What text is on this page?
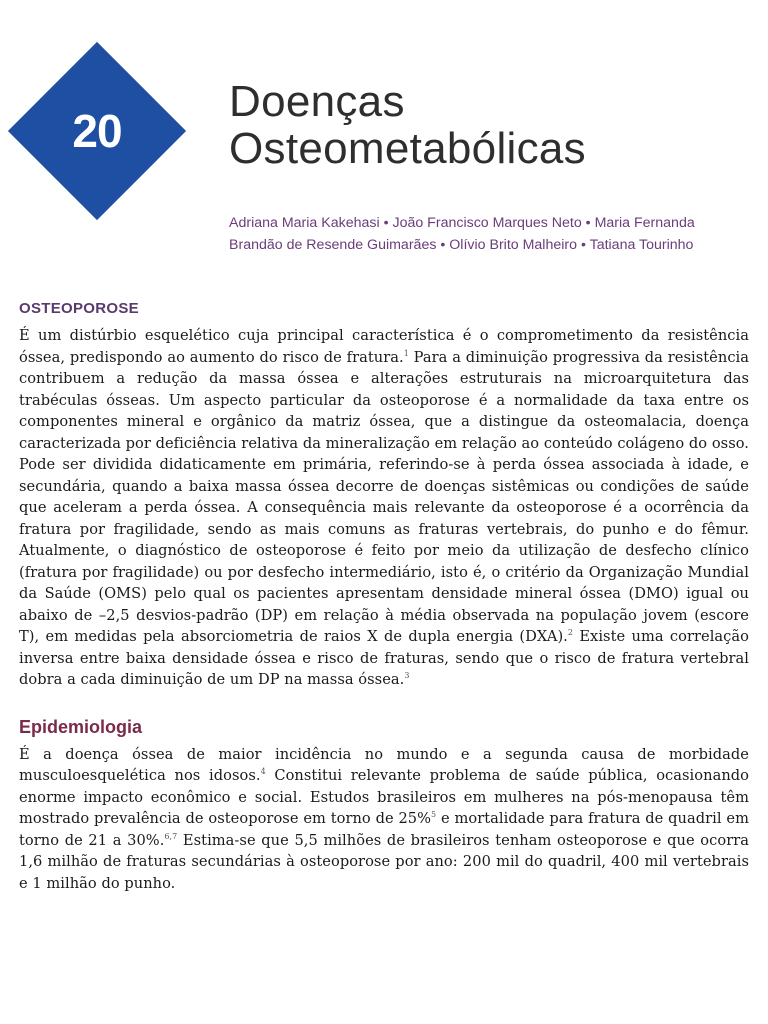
20
Doenças
Osteometabólicas
Adriana Maria Kakehasi • João Francisco Marques Neto • Maria Fernanda
Brandão de Resende Guimarães • Olívio Brito Malheiro • Tatiana Tourinho
OSTEOPOROSE

É um distúrbio esquelético cuja principal característica é o comprometimento da resistência óssea, predispondo ao aumento do risco de fratura.$^1$ Para a diminuição progressiva da resistência contribuem a redução da massa óssea e alterações estruturais na microarquitetura das trabéculas ósseas. Um aspecto particular da osteoporose é a normalidade da taxa entre os componentes mineral e orgânico da matriz óssea, que a distingue da osteomalacia, doença caracterizada por deficiência relativa da mineralização em relação ao conteúdo colágeno do osso. Pode ser dividida didaticamente em primária, referindo-se à perda óssea associada à idade, e secundária, quando a baixa massa óssea decorre de doenças sistêmicas ou condições de saúde que aceleram a perda óssea. A consequência mais relevante da osteoporose é a ocorrência da fratura por fragilidade, sendo as mais comuns as fraturas vertebrais, do punho e do fêmur. Atualmente, o diagnóstico de osteoporose é feito por meio da utilização de desfecho clínico (fratura por fragilidade) ou por desfecho intermediário, isto é, o critério da Organização Mundial da Saúde (OMS) pelo qual os pacientes apresentam densidade mineral óssea (DMO) igual ou abaixo de –2,5 desvios-padrão (DP) em relação à média observada na população jovem (escore T), em medidas pela absorciometria de raios X de dupla energia (DXA).$^2$ Existe uma correlação inversa entre baixa densidade óssea e risco de fraturas, sendo que o risco de fratura vertebral dobra a cada diminuição de um DP na massa óssea.$^3$

Epidemiologia

É a doença óssea de maior incidência no mundo e a segunda causa de morbidade musculoesquelética nos idosos.$^4$ Constitui relevante problema de saúde pública, ocasionando enorme impacto econômico e social. Estudos brasileiros em mulheres na pós-menopausa têm mostrado prevalência de osteoporose em torno de 25%$^5$ e mortalidade para fratura de quadril em torno de 21 a 30%.$^{6,7}$ Estima-se que 5,5 milhões de brasileiros tenham osteoporose e que ocorra 1,6 milhão de fraturas secundárias à osteoporose por ano: 200 mil do quadril, 400 mil vertebrais e 1 milhão do punho.
